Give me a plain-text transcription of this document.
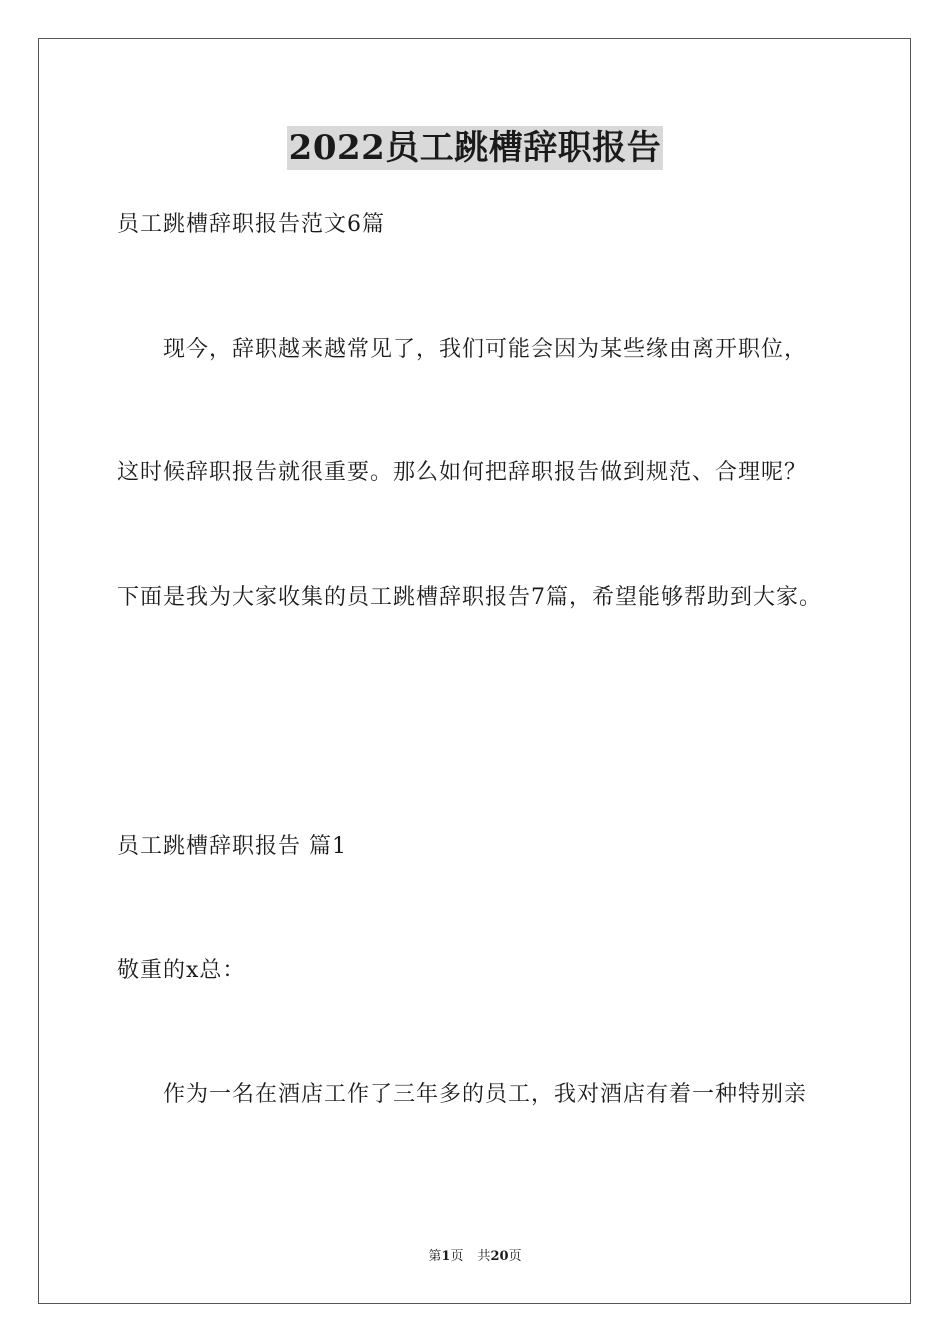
2022员工跳槽辞职报告
员工跳槽辞职报告范文6篇
现今，辞职越来越常见了，我们可能会因为某些缘由离开职位，
这时候辞职报告就很重要。那么如何把辞职报告做到规范、合理呢？
下面是我为大家收集的员工跳槽辞职报告7篇，希望能够帮助到大家。
员工跳槽辞职报告 篇1
敬重的x总：
作为一名在酒店工作了三年多的员工，我对酒店有着一种特别亲
第1页 共20页
